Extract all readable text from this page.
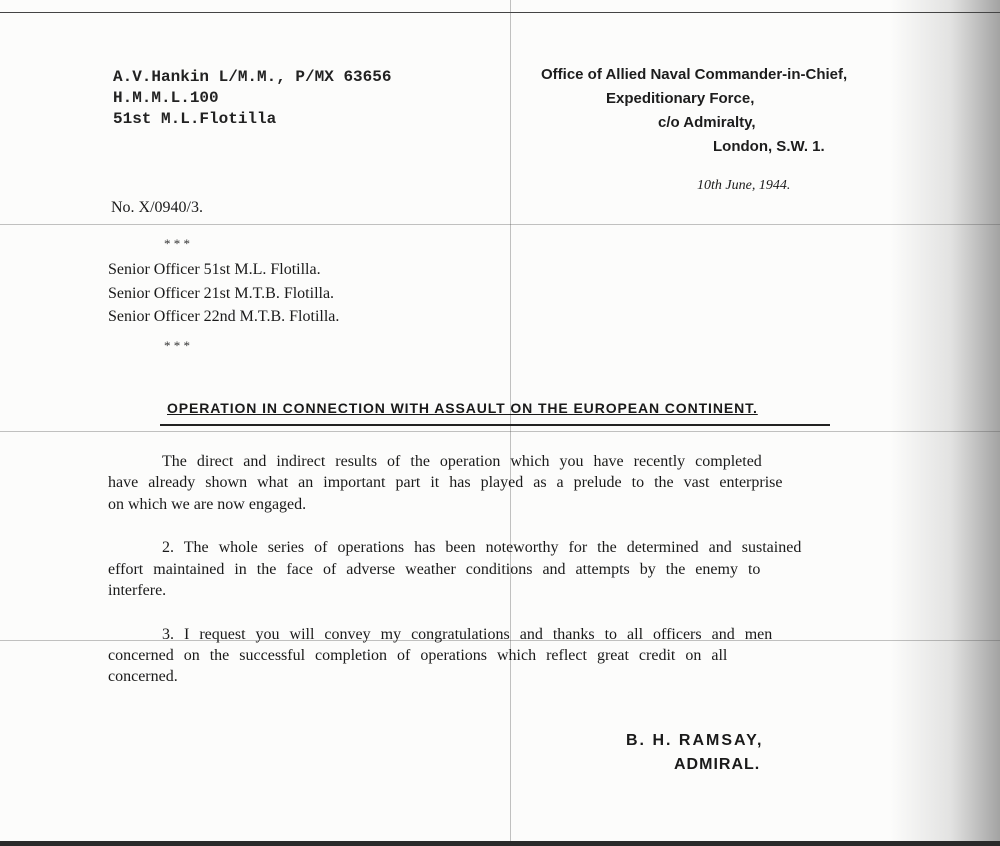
A.V.Hankin L/M.M., P/MX 63656
H.M.M.L.100
51st M.L.Flotilla
Office of Allied Naval Commander-in-Chief,
Expeditionary Force,
c/o Admiralty,
London, S.W. 1.
10th June, 1944.
No. X/0940/3.
* * *
Senior Officer 51st M.L. Flotilla.
Senior Officer 21st M.T.B. Flotilla.
Senior Officer 22nd M.T.B. Flotilla.
* * *
OPERATION IN CONNECTION WITH ASSAULT ON THE EUROPEAN CONTINENT.
The direct and indirect results of the operation which you have recently completed
have already shown what an important part it has played as a prelude to the vast enterprise
on which we are now engaged.
2. The whole series of operations has been noteworthy for the determined and sustained
effort maintained in the face of adverse weather conditions and attempts by the enemy to
interfere.
3. I request you will convey my congratulations and thanks to all officers and men
concerned on the successful completion of operations which reflect great credit on all
concerned.
B. H. RAMSAY,
ADMIRAL.
